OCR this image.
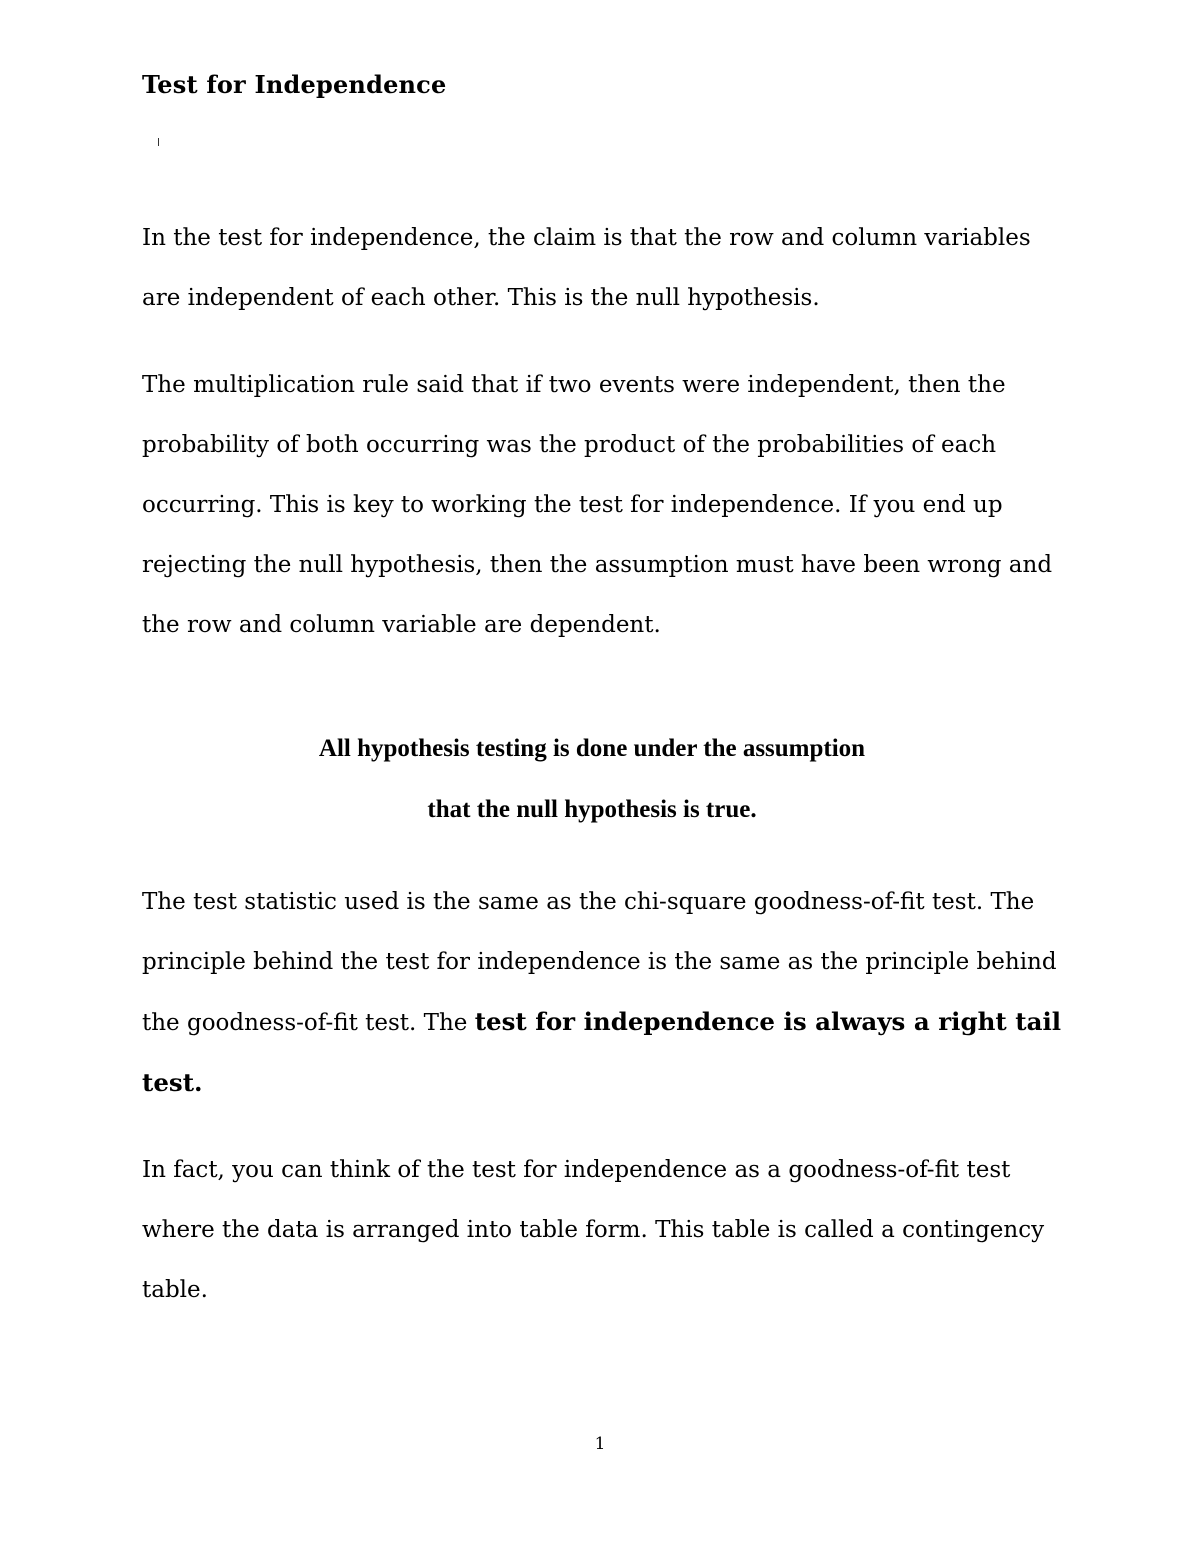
Test for Independence

In the test for independence, the claim is that the row and column variables are independent of each other. This is the null hypothesis.

The multiplication rule said that if two events were independent, then the probability of both occurring was the product of the probabilities of each occurring. This is key to working the test for independence. If you end up rejecting the null hypothesis, then the assumption must have been wrong and the row and column variable are dependent.

All hypothesis testing is done under the assumption
that the null hypothesis is true.

The test statistic used is the same as the chi-square goodness-of-fit test. The principle behind the test for independence is the same as the principle behind the goodness-of-fit test. The test for independence is always a right tail test.

In fact, you can think of the test for independence as a goodness-of-fit test where the data is arranged into table form. This table is called a contingency table.

1
